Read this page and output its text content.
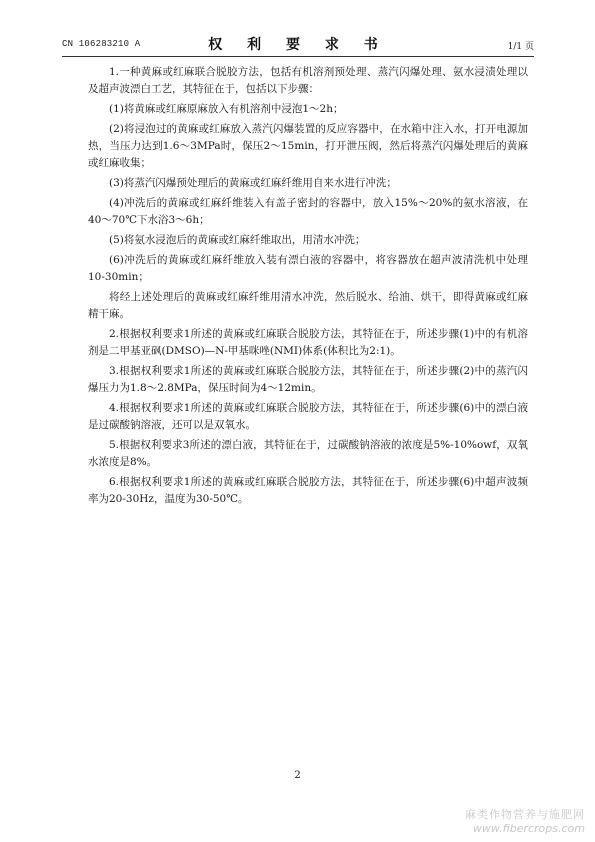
CN 106283210 A	权 利 要 求 书	1/1 页

1.一种黄麻或红麻联合脱胶方法，包括有机溶剂预处理、蒸汽闪爆处理、氨水浸渍处理以及超声波漂白工艺，其特征在于，包括以下步骤：

(1)将黄麻或红麻原麻放入有机溶剂中浸泡1～2h；

(2)将浸泡过的黄麻或红麻放入蒸汽闪爆装置的反应容器中，在水箱中注入水，打开电源加热，当压力达到1.6～3MPa时，保压2～15min，打开泄压阀，然后将蒸汽闪爆处理后的黄麻或红麻收集；

(3)将蒸汽闪爆预处理后的黄麻或红麻纤维用自来水进行冲洗；

(4)冲洗后的黄麻或红麻纤维装入有盖子密封的容器中，放入15%～20%的氨水溶液，在40～70℃下水浴3～6h；

(5)将氨水浸泡后的黄麻或红麻纤维取出，用清水冲洗；

(6)冲洗后的黄麻或红麻纤维放入装有漂白液的容器中，将容器放在超声波清洗机中处理10-30min；

将经上述处理后的黄麻或红麻纤维用清水冲洗，然后脱水、给油、烘干，即得黄麻或红麻精干麻。

2.根据权利要求1所述的黄麻或红麻联合脱胶方法，其特征在于，所述步骤(1)中的有机溶剂是二甲基亚砜(DMSO)—N-甲基咪唑(NMI)体系(体积比为2:1)。

3.根据权利要求1所述的黄麻或红麻联合脱胶方法，其特征在于，所述步骤(2)中的蒸汽闪爆压力为1.8～2.8MPa，保压时间为4～12min。

4.根据权利要求1所述的黄麻或红麻联合脱胶方法，其特征在于，所述步骤(6)中的漂白液是过碳酸钠溶液，还可以是双氧水。

5.根据权利要求3所述的漂白液，其特征在于，过碳酸钠溶液的浓度是5%-10%owf，双氧水浓度是8%。

6.根据权利要求1所述的黄麻或红麻联合脱胶方法，其特征在于，所述步骤(6)中超声波频率为20-30Hz，温度为30-50℃。

2
麻类作物营养与施肥网
www.fibercrops.com
